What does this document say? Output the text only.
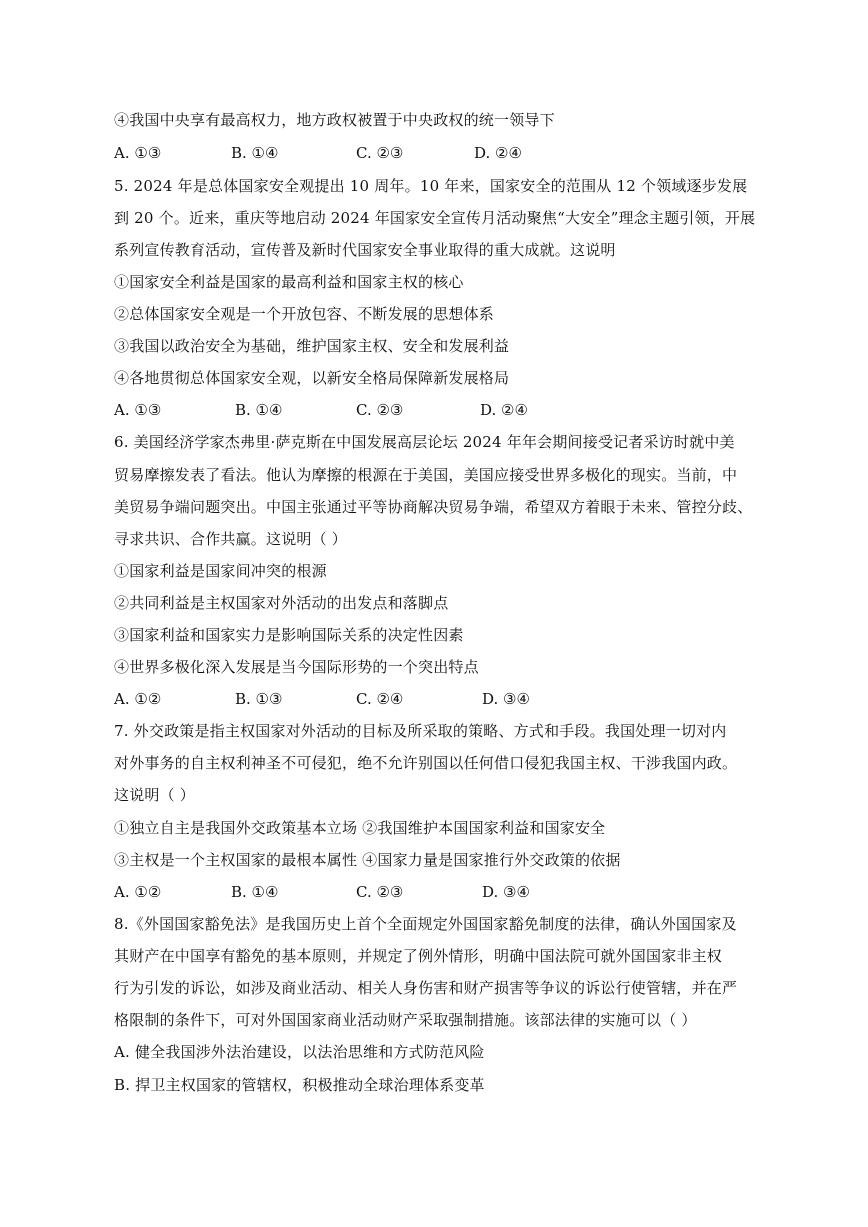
④我国中央享有最高权力，地方政权被置于中央政权的统一领导下
A. ①③	B. ①④	C. ②③	D. ②④
5. 2024 年是总体国家安全观提出 10 周年。10 年来，国家安全的范围从 12 个领域逐步发展
到 20 个。近来，重庆等地启动 2024 年国家安全宣传月活动聚焦“大安全”理念主题引领，开展
系列宣传教育活动，宣传普及新时代国家安全事业取得的重大成就。这说明
①国家安全利益是国家的最高利益和国家主权的核心
②总体国家安全观是一个开放包容、不断发展的思想体系
③我国以政治安全为基础，维护国家主权、安全和发展利益
④各地贯彻总体国家安全观，以新安全格局保障新发展格局
A. ①③	B. ①④	C. ②③	D. ②④
6. 美国经济学家杰弗里·萨克斯在中国发展高层论坛 2024 年年会期间接受记者采访时就中美
贸易摩擦发表了看法。他认为摩擦的根源在于美国，美国应接受世界多极化的现实。当前，中
美贸易争端问题突出。中国主张通过平等协商解决贸易争端，希望双方着眼于未来、管控分歧、
寻求共识、合作共赢。这说明（ ）
①国家利益是国家间冲突的根源
②共同利益是主权国家对外活动的出发点和落脚点
③国家利益和国家实力是影响国际关系的决定性因素
④世界多极化深入发展是当今国际形势的一个突出特点
A. ①②	B. ①③	C. ②④	D. ③④
7. 外交政策是指主权国家对外活动的目标及所采取的策略、方式和手段。我国处理一切对内
对外事务的自主权利神圣不可侵犯，绝不允许别国以任何借口侵犯我国主权、干涉我国内政。
这说明（ ）
①独立自主是我国外交政策基本立场 ②我国维护本国国家利益和国家安全
③主权是一个主权国家的最根本属性 ④国家力量是国家推行外交政策的依据
A. ①②	B. ①④	C. ②③	D. ③④
8.《外国国家豁免法》是我国历史上首个全面规定外国国家豁免制度的法律，确认外国国家及
其财产在中国享有豁免的基本原则，并规定了例外情形，明确中国法院可就外国国家非主权
行为引发的诉讼，如涉及商业活动、相关人身伤害和财产损害等争议的诉讼行使管辖，并在严
格限制的条件下，可对外国国家商业活动财产采取强制措施。该部法律的实施可以（ ）
A. 健全我国涉外法治建设，以法治思维和方式防范风险
B. 捍卫主权国家的管辖权，积极推动全球治理体系变革
